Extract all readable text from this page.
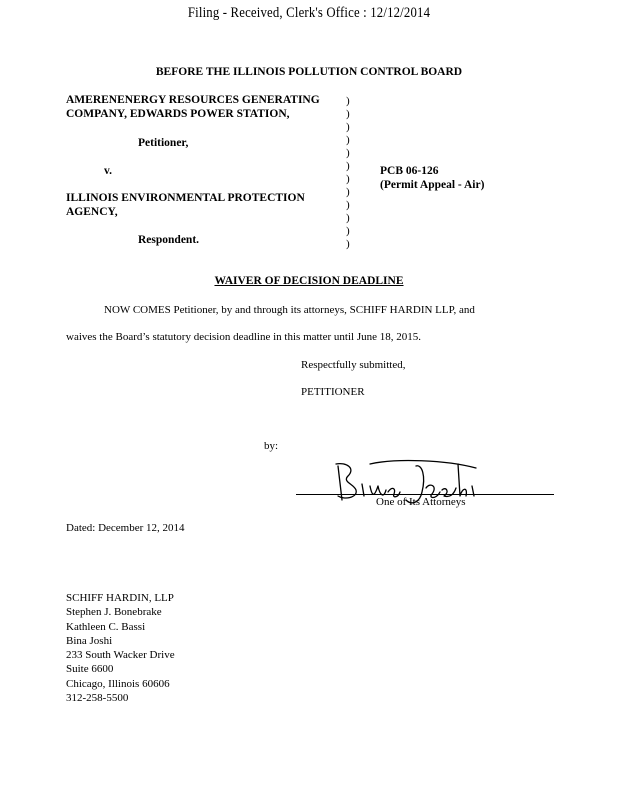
Filing - Received, Clerk's Office : 12/12/2014
BEFORE THE ILLINOIS POLLUTION CONTROL BOARD
AMERENENERGY RESOURCES GENERATING
COMPANY, EDWARDS POWER STATION,
Petitioner,
v.
ILLINOIS ENVIRONMENTAL PROTECTION
AGENCY,
Respondent.
)
)
)
)
)
)
)
)
)
)
)
)
PCB 06-126
(Permit Appeal - Air)
WAIVER OF DECISION DEADLINE
NOW COMES Petitioner, by and through its attorneys, SCHIFF HARDIN LLP, and
waives the Board’s statutory decision deadline in this matter until June 18, 2015.
Respectfully submitted,
PETITIONER
by:
One of Its Attorneys
Dated: December 12, 2014
SCHIFF HARDIN, LLP
Stephen J. Bonebrake
Kathleen C. Bassi
Bina Joshi
233 South Wacker Drive
Suite 6600
Chicago, Illinois 60606
312-258-5500
